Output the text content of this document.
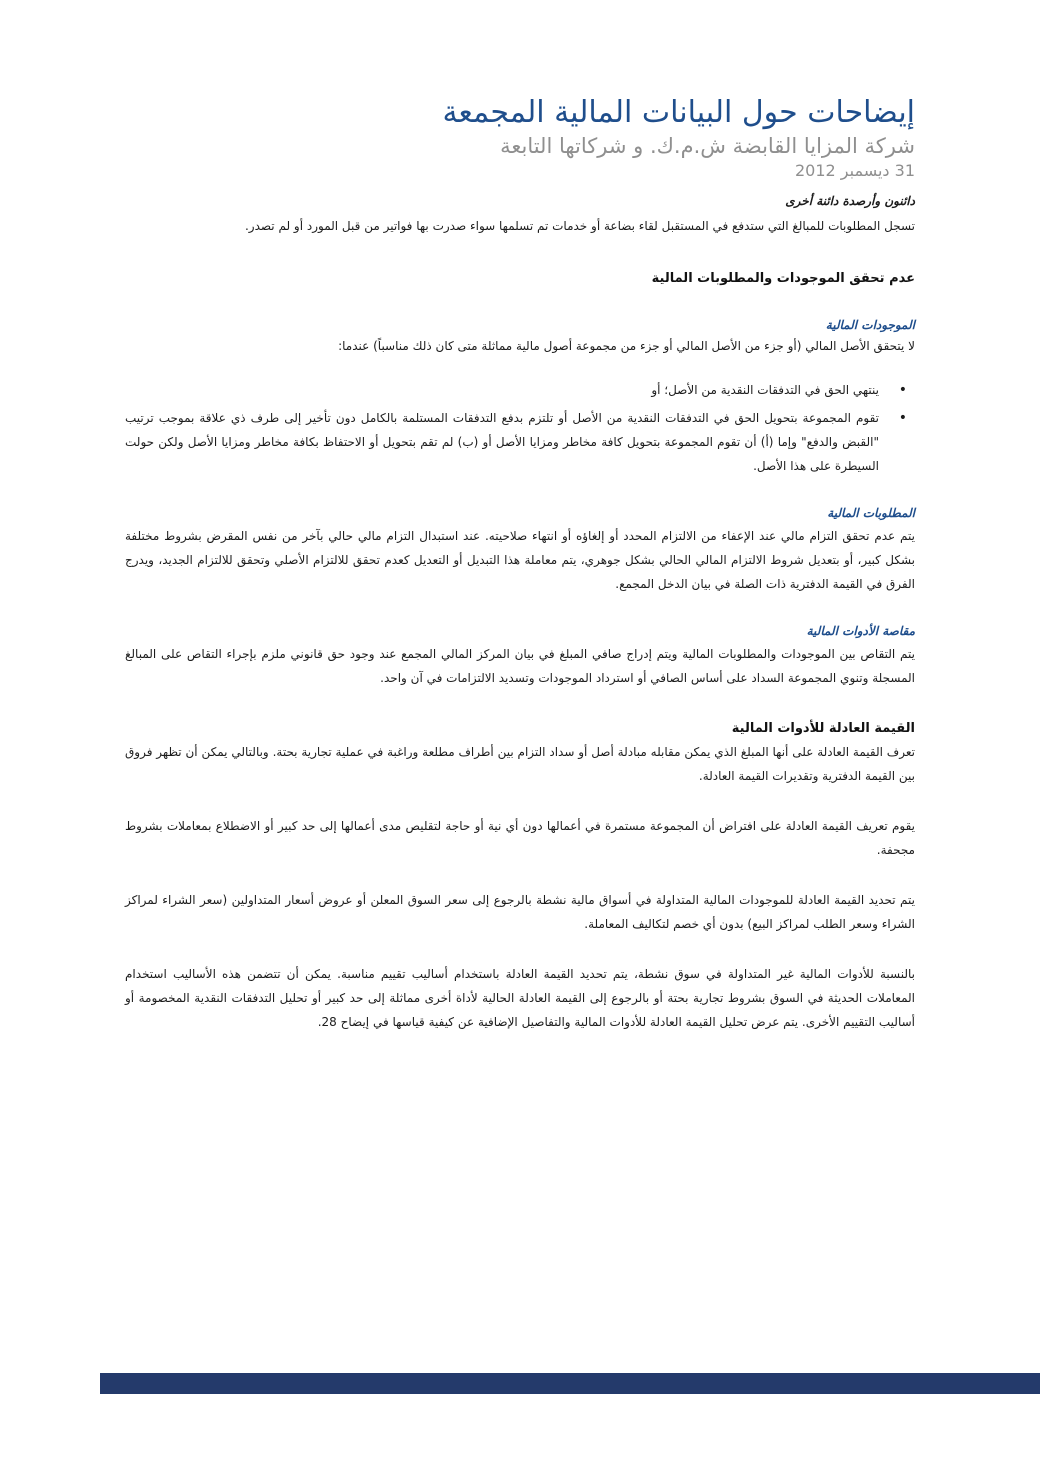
إيضاحات حول البيانات المالية المجمعة
شركة المزايا القابضة ش.م.ك. و شركاتها التابعة
31 ديسمبر 2012
دائنون وأرصدة دائنة أخرى

تسجل المطلوبات للمبالغ التي ستدفع في المستقبل لقاء بضاعة أو خدمات تم تسلمها سواء صدرت بها فواتير من قبل المورد أو لم تصدر.

عدم تحقق الموجودات والمطلوبات المالية
الموجودات المالية

لا يتحقق الأصل المالي (أو جزء من الأصل المالي أو جزء من مجموعة أصول مالية مماثلة متى كان ذلك مناسباً) عندما:

• ينتهي الحق في التدفقات النقدية من الأصل؛ أو
• تقوم المجموعة بتحويل الحق في التدفقات النقدية من الأصل أو تلتزم بدفع التدفقات المستلمة بالكامل دون تأخير إلى طرف ذي علاقة بموجب ترتيب "القبض والدفع" وإما (أ) أن تقوم المجموعة بتحويل كافة مخاطر ومزايا الأصل أو (ب) لم تقم بتحويل أو الاحتفاظ بكافة مخاطر ومزايا الأصل ولكن حولت السيطرة على هذا الأصل.
المطلوبات المالية

يتم عدم تحقق التزام مالي عند الإعفاء من الالتزام المحدد أو إلغاؤه أو انتهاء صلاحيته. عند استبدال التزام مالي حالي بآخر من نفس المقرض بشروط مختلفة بشكل كبير، أو بتعديل شروط الالتزام المالي الحالي بشكل جوهري، يتم معاملة هذا التبديل أو التعديل كعدم تحقق للالتزام الأصلي وتحقق للالتزام الجديد، ويدرج الفرق في القيمة الدفترية ذات الصلة في بيان الدخل المجمع.

مقاصة الأدوات المالية

يتم التقاص بين الموجودات والمطلوبات المالية ويتم إدراج صافي المبلغ في بيان المركز المالي المجمع عند وجود حق قانوني ملزم بإجراء التقاص على المبالغ المسجلة وتنوي المجموعة السداد على أساس الصافي أو استرداد الموجودات وتسديد الالتزامات في آن واحد.

القيمة العادلة للأدوات المالية

تعرف القيمة العادلة على أنها المبلغ الذي يمكن مقابله مبادلة أصل أو سداد التزام بين أطراف مطلعة وراغبة في عملية تجارية بحتة. وبالتالي يمكن أن تظهر فروق بين القيمة الدفترية وتقديرات القيمة العادلة.

يقوم تعريف القيمة العادلة على افتراض أن المجموعة مستمرة في أعمالها دون أي نية أو حاجة لتقليص مدى أعمالها إلى حد كبير أو الاضطلاع بمعاملات بشروط مجحفة.

يتم تحديد القيمة العادلة للموجودات المالية المتداولة في أسواق مالية نشطة بالرجوع إلى سعر السوق المعلن أو عروض أسعار المتداولين (سعر الشراء لمراكز الشراء وسعر الطلب لمراكز البيع) بدون أي خصم لتكاليف المعاملة.

بالنسبة للأدوات المالية غير المتداولة في سوق نشطة، يتم تحديد القيمة العادلة باستخدام أساليب تقييم مناسبة. يمكن أن تتضمن هذه الأساليب استخدام المعاملات الحديثة في السوق بشروط تجارية بحتة أو بالرجوع إلى القيمة العادلة الحالية لأداة أخرى مماثلة إلى حد كبير أو تحليل التدفقات النقدية المخصومة أو أساليب التقييم الأخرى. يتم عرض تحليل القيمة العادلة للأدوات المالية والتفاصيل الإضافية عن كيفية قياسها في إيضاح 28.
